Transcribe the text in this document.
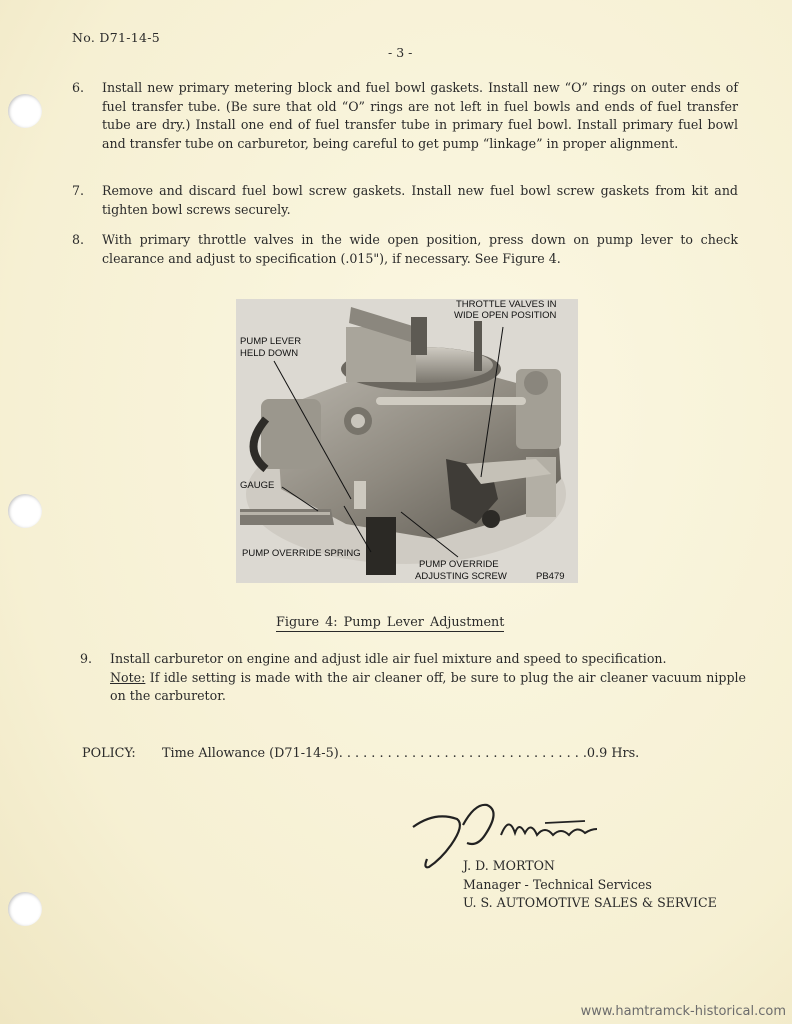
No. D71-14-5
- 3 -
6. Install new primary metering block and fuel bowl gaskets. Install new “O” rings on outer ends of fuel transfer tube. (Be sure that old “O” rings are not left in fuel bowls and ends of fuel transfer tube are dry.) Install one end of fuel transfer tube in primary fuel bowl. Install primary fuel bowl and transfer tube on carburetor, being careful to get pump “linkage” in proper alignment.
7. Remove and discard fuel bowl screw gaskets. Install new fuel bowl screw gaskets from kit and tighten bowl screws securely.
8. With primary throttle valves in the wide open position, press down on pump lever to check clearance and adjust to specification (.015"), if necessary. See Figure 4.
THROTTLE VALVES IN
WIDE OPEN POSITION
PUMP LEVER
HELD DOWN
GAUGE
PUMP OVERRIDE SPRING
PUMP OVERRIDE
ADJUSTING SCREW	PB479
Figure 4: Pump Lever Adjustment
9. Install carburetor on engine and adjust idle air fuel mixture and speed to specification.
Note: If idle setting is made with the air cleaner off, be sure to plug the air cleaner vacuum nipple on the carburetor.
POLICY: Time Allowance (D71-14-5). . . . . . . . . . . . . . . . . . . . . . . . . . . . . . .0.9 Hrs.
J. D. MORTON
Manager - Technical Services
U. S. AUTOMOTIVE SALES & SERVICE
www.hamtramck-historical.com
